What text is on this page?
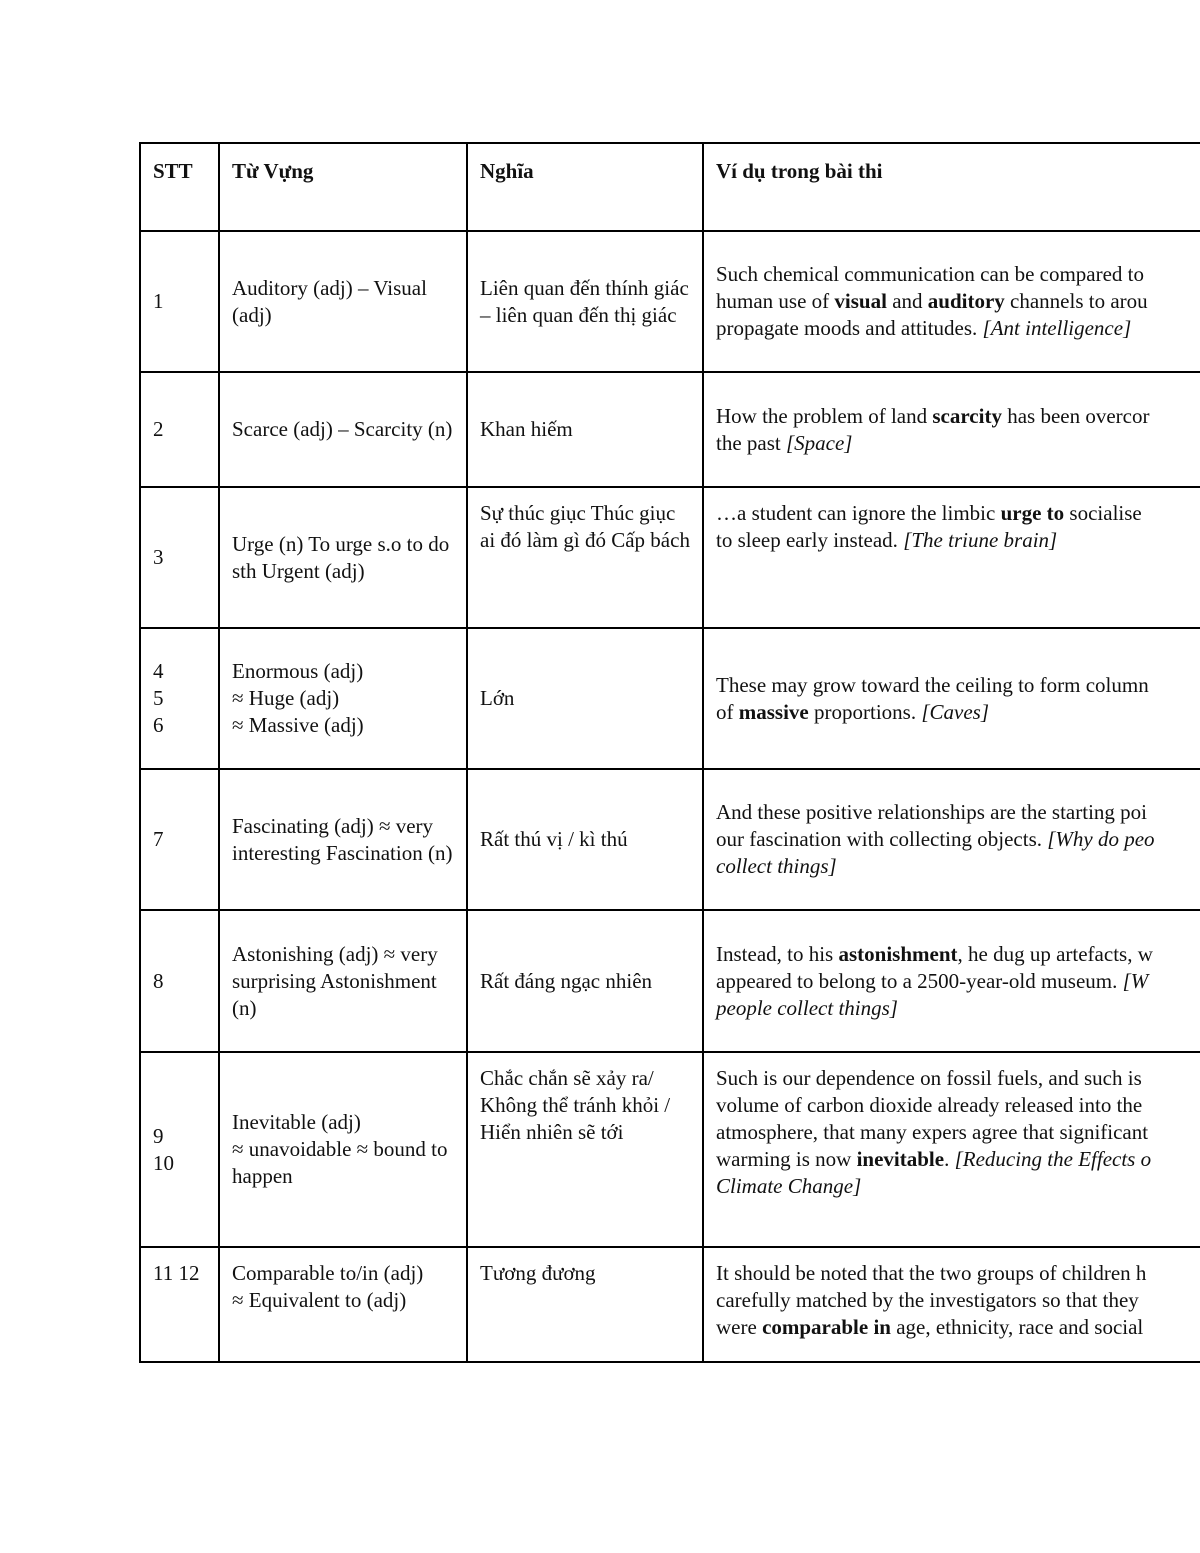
STT	Từ Vựng	Nghĩa	Ví dụ trong bài thi

1	Auditory (adj) – Visual (adj)	Liên quan đến thính giác – liên quan đến thị giác	Such chemical communication can be compared to
human use of visual and auditory channels to arou
propagate moods and attitudes. [Ant intelligence]

2	Scarce (adj) – Scarcity (n)	Khan hiếm	How the problem of land scarcity has been overcor
the past [Space]

3	Urge (n) To urge s.o to do sth Urgent (adj)	Sự thúc giục Thúc giục ai đó làm gì đó Cấp bách	…a student can ignore the limbic urge to socialise
to sleep early instead. [The triune brain]

4
5
6	Enormous (adj)
≈ Huge (adj)
≈ Massive (adj)	Lớn	These may grow toward the ceiling to form column
of massive proportions. [Caves]

7	Fascinating (adj) ≈ very interesting Fascination (n)	Rất thú vị / kì thú	And these positive relationships are the starting poi
our fascination with collecting objects. [Why do peo
collect things]

8	Astonishing (adj) ≈ very surprising Astonishment (n)	Rất đáng ngạc nhiên	Instead, to his astonishment, he dug up artefacts, w
appeared to belong to a 2500-year-old museum. [W
people collect things]

9
10	Inevitable (adj)
≈ unavoidable ≈ bound to happen	Chắc chắn sẽ xảy ra/ Không thể tránh khỏi / Hiển nhiên sẽ tới	Such is our dependence on fossil fuels, and such is
volume of carbon dioxide already released into the
atmosphere, that many expers agree that significant
warming is now inevitable. [Reducing the Effects o
Climate Change]

11 12	Comparable to/in (adj)
≈ Equivalent to (adj)	Tương đương	It should be noted that the two groups of children h
carefully matched by the investigators so that they
were comparable in age, ethnicity, race and social
